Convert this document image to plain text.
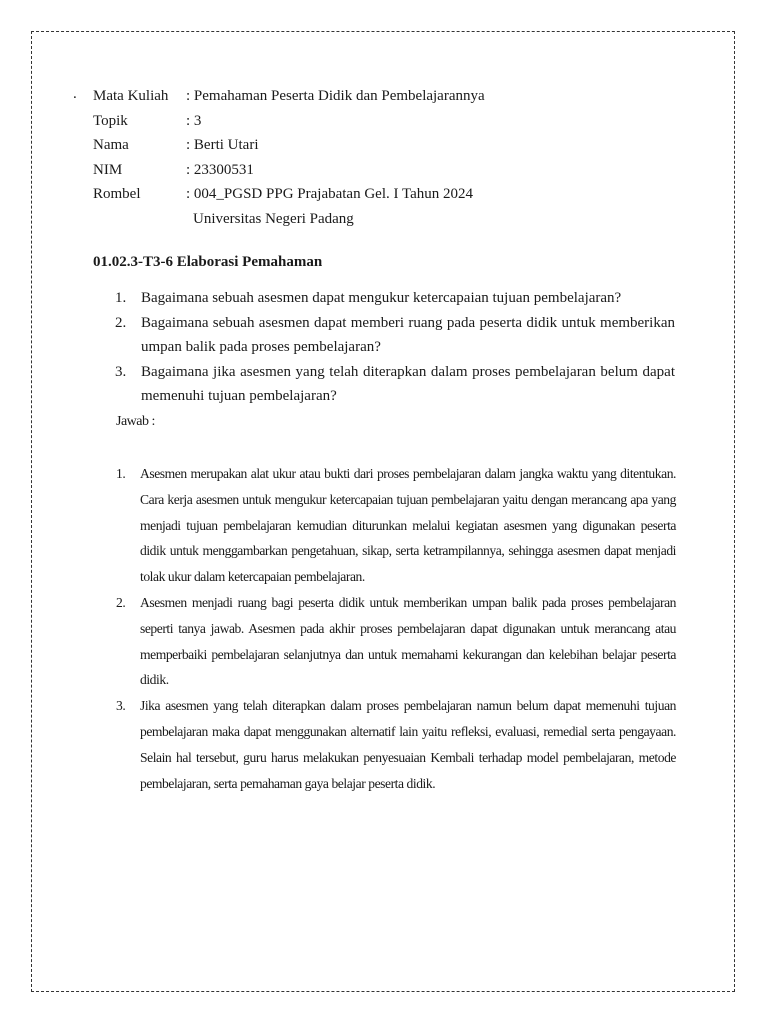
. Mata Kuliah	: Pemahaman Peserta Didik dan Pembelajarannya
Topik	: 3
Nama	: Berti Utari
NIM	: 23300531
Rombel	: 004_PGSD PPG Prajabatan Gel. I Tahun 2024
Universitas Negeri Padang
01.02.3-T3-6 Elaborasi Pemahaman
1. Bagaimana sebuah asesmen dapat mengukur ketercapaian tujuan pembelajaran?
2. Bagaimana sebuah asesmen dapat memberi ruang pada peserta didik untuk memberikan umpan balik pada proses pembelajaran?
3. Bagaimana jika asesmen yang telah diterapkan dalam proses pembelajaran belum dapat memenuhi tujuan pembelajaran?
Jawab :
1.	Asesmen merupakan alat ukur atau bukti dari proses pembelajaran dalam jangka waktu yang ditentukan. Cara kerja asesmen untuk mengukur ketercapaian tujuan pembelajaran yaitu dengan merancang apa yang menjadi tujuan pembelajaran kemudian diturunkan melalui kegiatan asesmen yang digunakan peserta didik untuk menggambarkan pengetahuan, sikap, serta ketrampilannya, sehingga asesmen dapat menjadi tolak ukur dalam ketercapaian pembelajaran.
2.	Asesmen menjadi ruang bagi peserta didik untuk memberikan umpan balik pada proses pembelajaran seperti tanya jawab. Asesmen pada akhir proses pembelajaran dapat digunakan untuk merancang atau memperbaiki pembelajaran selanjutnya dan untuk memahami kekurangan dan kelebihan belajar peserta didik.
3.	Jika asesmen yang telah diterapkan dalam proses pembelajaran namun belum dapat memenuhi tujuan pembelajaran maka dapat menggunakan alternatif lain yaitu refleksi, evaluasi, remedial serta pengayaan. Selain hal tersebut, guru harus melakukan penyesuaian Kembali terhadap model pembelajaran, metode pembelajaran, serta pemahaman gaya belajar peserta didik.
